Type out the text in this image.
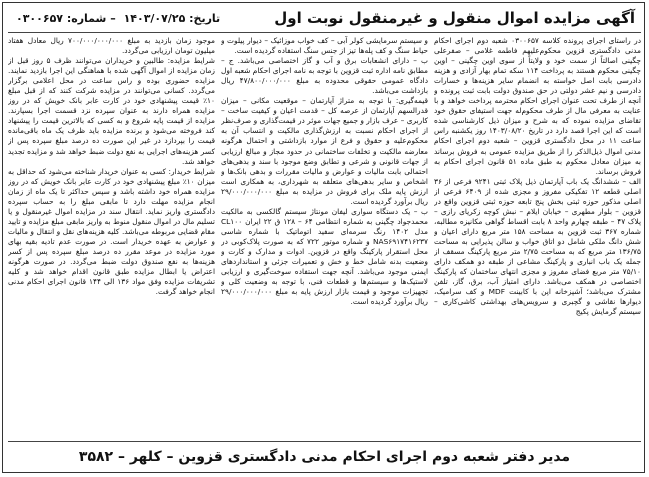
آگهی مزایده اموال منقول و غیرمنقول نوبت اول
تاریخ: ۱۴۰۳/۰۷/۲۵ – شماره: ۰۳۰۰۶۵۷

در راستای اجرای پرونده کلاسه ۰۳۰۰۶۵۷ شعبه دوم اجرای احکام مدنی دادگستری قزوین محکوم‌علیهم فاطمه غلامی – صفرعلی چگینی اصالتاً از سمت خود و ولایتاً از سوی اوین چگینی – اوین چگینی محکوم هستند به پرداخت ۱۱۴ سکه تمام بهار آزادی و هزینه دادرسی بابت اصل خواسته به انضمام سایر هزینه‌ها و خسارات دادرسی و نیم عشر دولتی در حق صندوق دولت بابت ثبت پرونده و آنچه از طرف تحت عنوان اجرای احکام محترمه پرداخت خواهد و با عنایت به معرفی مال از طرف محکوم‌له جهت استیفای حقوق خود تقاضای مزایده نموده که به شرح و میزان ذیل کارشناسی شده است که این اجرا قصد دارد در تاریخ ۱۴۰۳/۰۸/۲۰ روز یکشنبه راس ساعت ۱۱ در محل دادگستری قزوین – شعبه دوم اجرای احکام مدنی اموال ذیل‌الذکر را از طریق مزایده عمومی به فروش برساند به میزان معادل محکوم به طبق ماده ۵۱ قانون اجرای احکام به فروش برساند.
الف – ششدانگ یک باب آپارتمان ذیل پلاک ثبتی ۹۲۴۱ فرعی از ۳۶ اصلی قطعه ۱۲ تفکیکی مفروز و مجزی شده از ۶۴۰۹ فرعی از اصلی مذکور حوزه ثبتی بخش پنج تابعه حوزه ثبتی قزوین واقع در قزوین – بلوار مطهری – خیابان ایلام – نبش کوچه زکریای رازی – پلاک ۴۷ – طبقه چهارم واحد ۸ بابت اقساط گواهی مکانیزه مطالبه، شماره ۳۶۷ ثبت قزوین به مساحت ۱۵۸ متر مربع دارای اعیان و شش دانگ ملکی شامل دو اتاق خواب و سالن پذیرایی به مساحت ۱۳۶/۷۵ متر مربع که به مساحت ۲/۷۵ متر مربع پارکینگ مسقف از جمله یک باب انباری و پارکینگ مشاعی از طبقه دو همکف دارای ۷۵/۱۰ متر مربع فضای مفروز و مجزی انتهای ساختمان که پارکینگ اختصاصی در همکف می‌باشد. دارای امتیاز آب، برق، گاز، تلفن مشترک می‌باشد؛ آشپزخانه اپن با کابینت MDF و کف سرامیک، دیوارها نقاشی و گچبری و سرویس‌های بهداشتی کاشی‌کاری – سیستم گرمایش پکیج

و سیستم سرمایشی کولر آبی – کف خواب موزائیک – دیوار پیلوت و حیاط سنگ و کف پله‌ها تیز از جنس سنگ استفاده گردیده است.
ب – دارای انشعابات برق و آب و گاز اختصاصی می‌باشد. ج – مطابق نامه اداره ثبت قزوین با توجه به نامه اجرای احکام شعبه اول دادگاه عمومی حقوقی محدوده به مبلغ ۴۷/۸۰۰/۰۰۰/۰۰۰ ریال بازداشت می‌باشد.
قیمه‌گیری: با توجه به متراژ آپارتمان – موقعیت مکانی – میزان قدرالسهم آپارتمان از عرصه کل – قدمت اعیان و کیفیت ساخت – کاربری – عرف بازار و جمیع جهات موثر در قیمت‌گذاری و صرف‌نظر از اجرای احکام نسبت به ارزش‌گذاری مالکیت و انتساب آن به محکوم‌علیه و حقوق و فرع از موارد بازداشتی و احتمال هرگونه معارضه مالکیت و تخلفات ساختمانی در حدود مجاز و مبالغ ارزیابی از جهات قانونی و شرعی و تطابق وضع موجود با سند و بدهی‌های احتمالی بابت مالیات و عوارض و مالیات مقررات و بدهی بانک‌ها و اشخاص و سایر بدهی‌های متعلقه به شهرداری، به همکاری است ارزش پایه ملک برای فروش در مزایده به مبلغ ۲۹/۰۰۰/۰۰۰/۰۰۰ ریال برآورد گردیده است.
ب – یک دستگاه سواری لیفان مونتاژ سیستم گالکسی به مالکیت محمدجواد چگینی به شماره انتظامی ۶۴ – ۱۲۸ ق ۲۲ ایران CL۱۰۰ مدل ۱۴۰۲ رنگ سرمه‌ای سفید اتوماتیک با شماره شاسی NAS۶۹۱۷۴۱۶۲۳۷ و شماره موتور ۷۲۲ که به صورت پلاک‌کوبی در محل استقرار پارکینگ واقع در قزوین. ادوات و مدارک و کارت و وضعیت بدنه شامل خط و خش و تعمیرات جزئی و استانداردهای ایمنی موجود می‌باشد. آنچه جهت استفاده سوخت‌گیری و ارزیابی لاستیک‌ها و سیستم‌ها و قطعات فنی، با توجه به وضعیت کلی و تجهیزات موجود و قیمت بازار ارزش پایه به مبلغ ۲۹/۰۰۰/۰۰۰/۰۰۰ ریال برآورد گردیده است.

موجود زمان بازدید به مبلغ ۷۰۰/۰۰۰/۰۰۰/۰۰۰ ریال معادل هفتاد میلیون تومان ارزیابی می‌گردد.
شرایط مزایده: طالبین و خریداران می‌توانند ظرف ۵ روز قبل از زمان مزایده از اموال آگهی شده با هماهنگی این اجرا بازدید نمایند. مزایده حضوری بوده و راس ساعت در محل اعلامی برگزار می‌گردد. کسانی می‌توانند در مزایده شرکت کنند که از قبل مبلغ ۱۰٪ قیمت پیشنهادی خود در کارت عابر بانک خویش که در روز مزایده همراه دارند به عنوان سپرده نزد قسمت اجرا بسپارند. مزایده از قیمت پایه شروع و به کسی که بالاترین قیمت را پیشنهاد کند فروخته می‌شود و برنده مزایده باید ظرف یک ماه باقی‌مانده قیمت را بپردازد در غیر این صورت ده درصد مبلغ سپرده پس از کسر هزینه‌های اجرایی به نفع دولت ضبط خواهد شد و مزایده تجدید خواهد شد.
شرایط خریدار: کسی به عنوان خریدار شناخته می‌شود که حداقل به میزان ۱۰٪ مبلغ پیشنهادی خود در کارت عابر بانک خویش که در روز مزایده همراه خود داشته باشد و سپس حداکثر تا یک ماه از زمان انجام مزایده مهلت دارد تا مابقی مبلغ را به حساب سپرده دادگستری واریز نماید. انتقال سند در مزایده اموال غیرمنقول و یا تسلیم مال در اموال منقول منوط به واریز مابقی مبلغ مزایده و تایید مقام قضایی مربوطه می‌باشد. کلیه هزینه‌های نقل و انتقال و مالیات و عوارض به عهده خریدار است. در صورت عدم تادیه بقیه بهای مورد مزایده در موعد مقرر ده درصد مبلغ سپرده پس از کسر هزینه‌ها به نفع صندوق دولت ضبط می‌گردد. در صورت هرگونه اعتراض یا ابطال مزایده طبق قانون اقدام خواهد شد و کلیه تشریفات مزایده وفق مواد ۱۳۶ الی ۱۴۴ قانون اجرای احکام مدنی انجام خواهد گرفت.

مدیر دفتر شعبه دوم اجرای احکام مدنی دادگستری قزوین – کلهر – ۳۵۸۲
